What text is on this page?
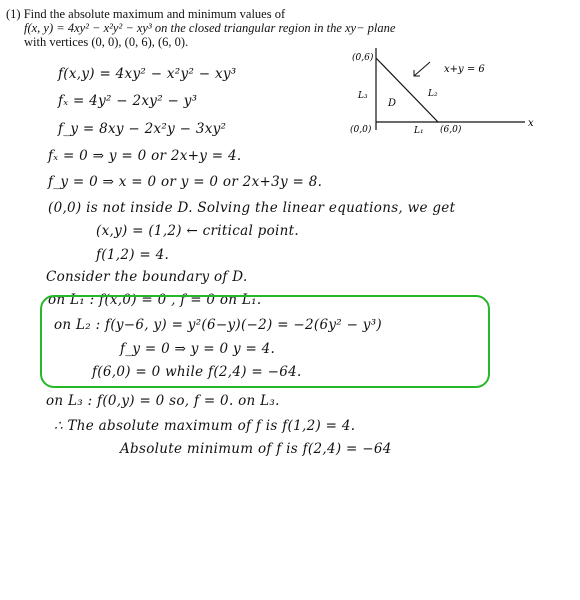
(1) Find the absolute maximum and minimum values of
f(x, y) = 4xy² − x²y² − xy³ on the closed triangular region in the xy− plane
with vertices (0, 0), (0, 6), (6, 0).
(0,6)
(0,0)	(6,0)
L₁
L₂
L₃
D
x+y = 6
x
f(x,y) = 4xy² − x²y² − xy³
fₓ = 4y² − 2xy² − y³
f_y = 8xy − 2x²y − 3xy²
fₓ = 0 ⇒ y = 0 or 2x+y = 4.
f_y = 0 ⇒ x = 0 or y = 0 or 2x+3y = 8.
(0,0) is not inside D. Solving the linear equations, we get
(x,y) = (1,2) ← critical point.
f(1,2) = 4.
Consider the boundary of D.
on L₁ : f(x,0) = 0 , f = 0 on L₁.
on L₂ : f(y−6, y) = y²(6−y)(−2) = −2(6y² − y³)
f_y = 0 ⇒ y = 0 y = 4.
f(6,0) = 0 while f(2,4) = −64.
on L₃ : f(0,y) = 0 so, f = 0. on L₃.
∴ The absolute maximum of f is f(1,2) = 4.
Absolute minimum of f is f(2,4) = −64
